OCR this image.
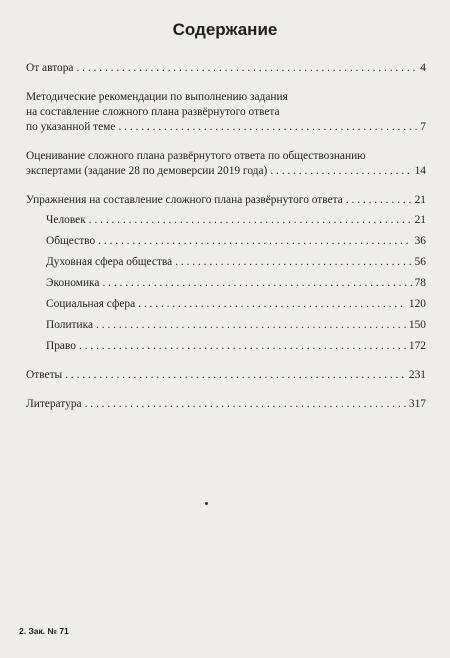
Содержание
От автора . . .	4
Методические рекомендации по выполнению задания
на составление сложного плана развёрнутого ответа
по указанной теме . . .	7
Оценивание сложного плана развёрнутого ответа по обществознанию
экспертами (задание 28 по демоверсии 2019 года) . . .	14
Упражнения на составление сложного плана развёрнутого ответа . . .	21
Человек . . .	21
Общество . . .	36
Духовная сфера общества . . .	56
Экономика . . .	78
Социальная сфера . . .	120
Политика . . .	150
Право . . .	172
Ответы . . .	231
Литература . . .	317
2. Зак. № 71
